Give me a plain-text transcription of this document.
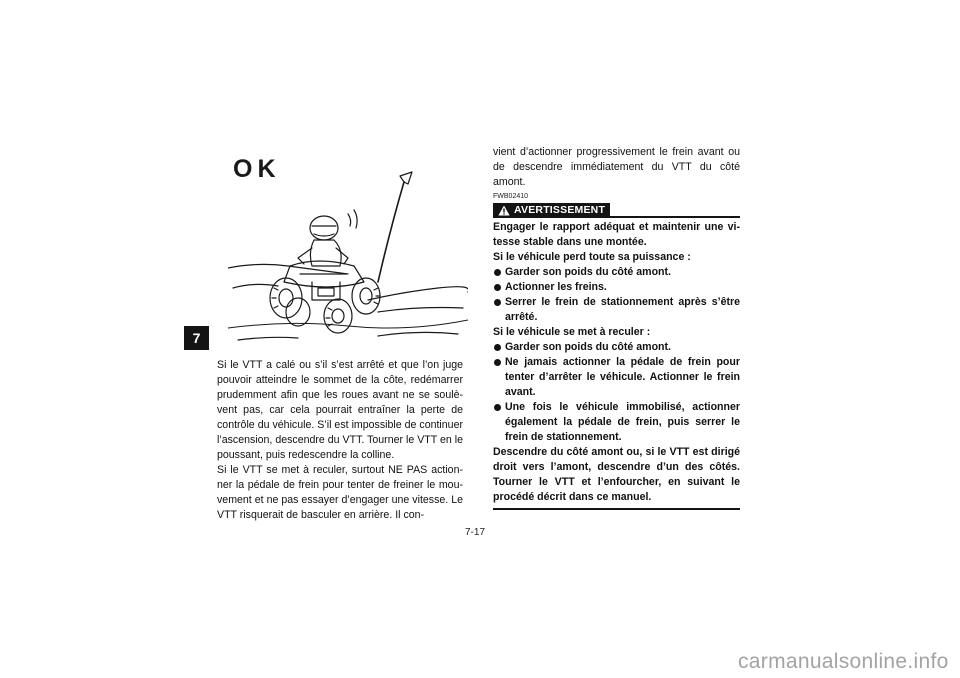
7
OK

Si le VTT a calé ou s’il s’est arrêté et que l’on juge pouvoir atteindre le sommet de la côte, redémarrer prudemment afin que les roues avant ne se soulèvent pas, car cela pourrait entraîner la perte de contrôle du véhicule. S’il est impossible de continuer l’ascension, descendre du VTT. Tourner le VTT en le poussant, puis redescendre la colline.

Si le VTT se met à reculer, surtout NE PAS actionner la pédale de frein pour tenter de freiner le mouvement et ne pas essayer d’engager une vitesse. Le VTT risquerait de basculer en arrière. Il con-

vient d’actionner progressivement le frein avant ou de descendre immédiatement du VTT du côté amont.

FWB02410
AVERTISSEMENT

Engager le rapport adéquat et maintenir une vitesse stable dans une montée.

Si le véhicule perd toute sa puissance :

Garder son poids du côté amont.
Actionner les freins.
Serrer le frein de stationnement après s’être arrêté.

Si le véhicule se met à reculer :

Garder son poids du côté amont.
Ne jamais actionner la pédale de frein pour tenter d’arrêter le véhicule. Actionner le frein avant.
Une fois le véhicule immobilisé, actionner également la pédale de frein, puis serrer le frein de stationnement.

Descendre du côté amont ou, si le VTT est dirigé droit vers l’amont, descendre d’un des côtés. Tourner le VTT et l’enfourcher, en suivant le procédé décrit dans ce manuel.

7-17
carmanualsonline.info
